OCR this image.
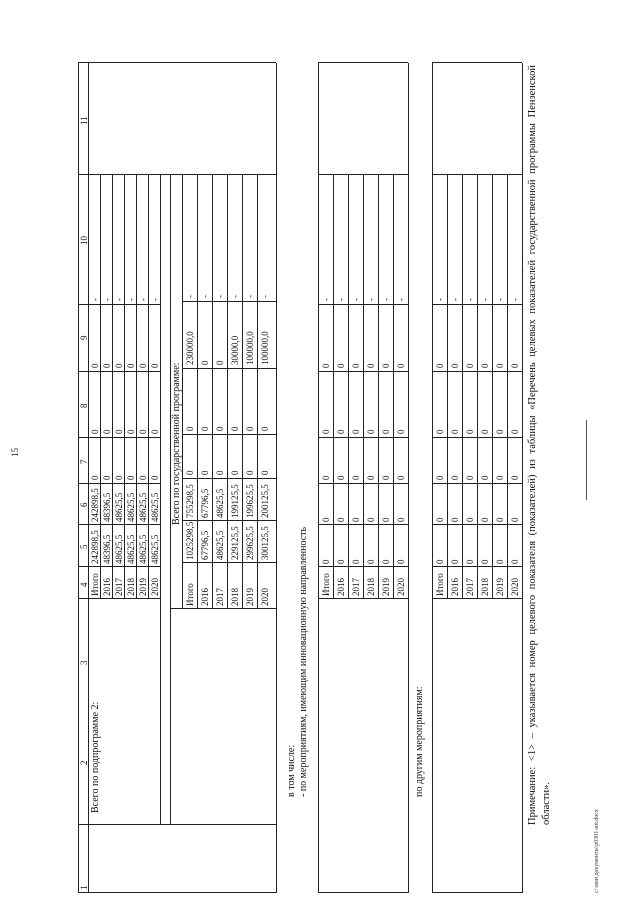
15
1
2
3
4
5
6
7
8
9
10
11
Всего по подпрограмме 2:
Итого
242898,5
242898,5
0
0
0
-
2016
48396,5
48396,5
0
0
0
-
2017
48625,5
48625,5
0
0
0
-
2018
48625,5
48625,5
0
0
0
-
2019
48625,5
48625,5
0
0
0
-
2020
48625,5
48625,5
0
0
0
-
Всего по государственной программе:
Итого
1025298,5
755298,5
0
0
230000,0
-
2016
67796,5
67796,5
0
0
0
-
2017
48625,5
48625,5
0
0
0
-
2018
229125,5
199125,5
0
0
30000,0
-
2019
299625,5
199625,5
0
0
100000,0
-
2020
300125,5
200125,5
0
0
100000,0
-
в том числе: - по мероприятиям, имеющим инновационную направленность Итого
0
0
0
0
0
-
2016
0
0
0
0
0
-
2017
0
0
0
0
0
-
2018
0
0
0
0
0
-
2019
0
0
0
0
0
-
2020
0
0
0
0
0
-
по другим мероприятиям:
Итого
0
0
0
0
0
-
2016
0
0
0
0
0
-
2017
0
0
0
0
0
-
2018
0
0
0
0
0
-
2019
0
0
0
0
0
-
2020
0
0
0
0
0
- Примечание: <1> – указывается номер целевого показателя (показателей) из таблицы «Перечень целевых показателей государственной программы Пензенской области».
c:\мои документы\р0301-ип.docx
